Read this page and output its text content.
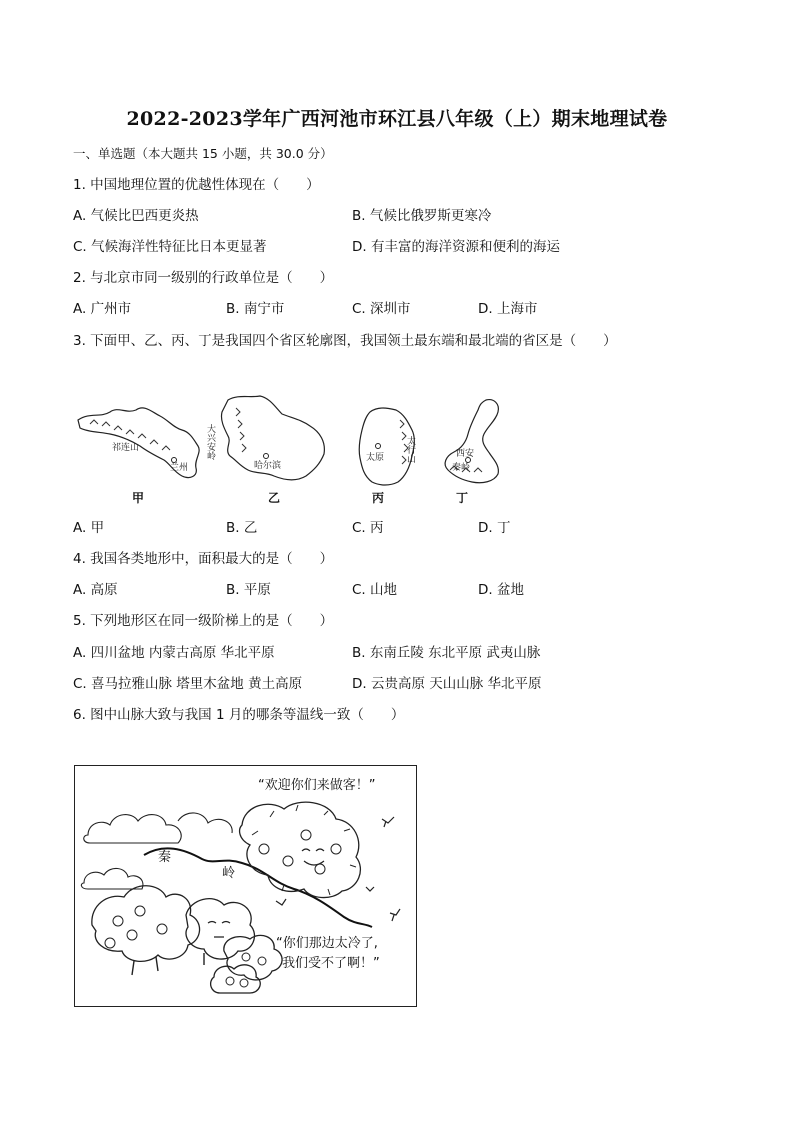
2022-2023学年广西河池市环江县八年级（上）期末地理试卷
一、单选题（本大题共 15 小题，共 30.0 分）
1. 中国地理位置的优越性体现在（　　）
A. 气候比巴西更炎热	B. 气候比俄罗斯更寒冷
C. 气候海洋性特征比日本更显著	D. 有丰富的海洋资源和便利的海运
2. 与北京市同一级别的行政单位是（　　）
A. 广州市	B. 南宁市	C. 深圳市	D. 上海市
3. 下面甲、乙、丙、丁是我国四个省区轮廓图，我国领土最东端和最北端的省区是（　　）
祁连山
兰州
甲
大兴安岭
哈尔滨
乙
太原 太行山
丙
西安
秦岭
丁
A. 甲	B. 乙	C. 丙	D. 丁
4. 我国各类地形中，面积最大的是（　　）
A. 高原	B. 平原	C. 山地	D. 盆地
5. 下列地形区在同一级阶梯上的是（　　）
A. 四川盆地 内蒙古高原 华北平原	B. 东南丘陵 东北平原 武夷山脉
C. 喜马拉雅山脉 塔里木盆地 黄土高原	D. 云贵高原 天山山脉 华北平原
6. 图中山脉大致与我国 1 月的哪条等温线一致（　　）
秦
岭
“欢迎你们来做客！”
“你们那边太冷了,
我们受不了啊！”
